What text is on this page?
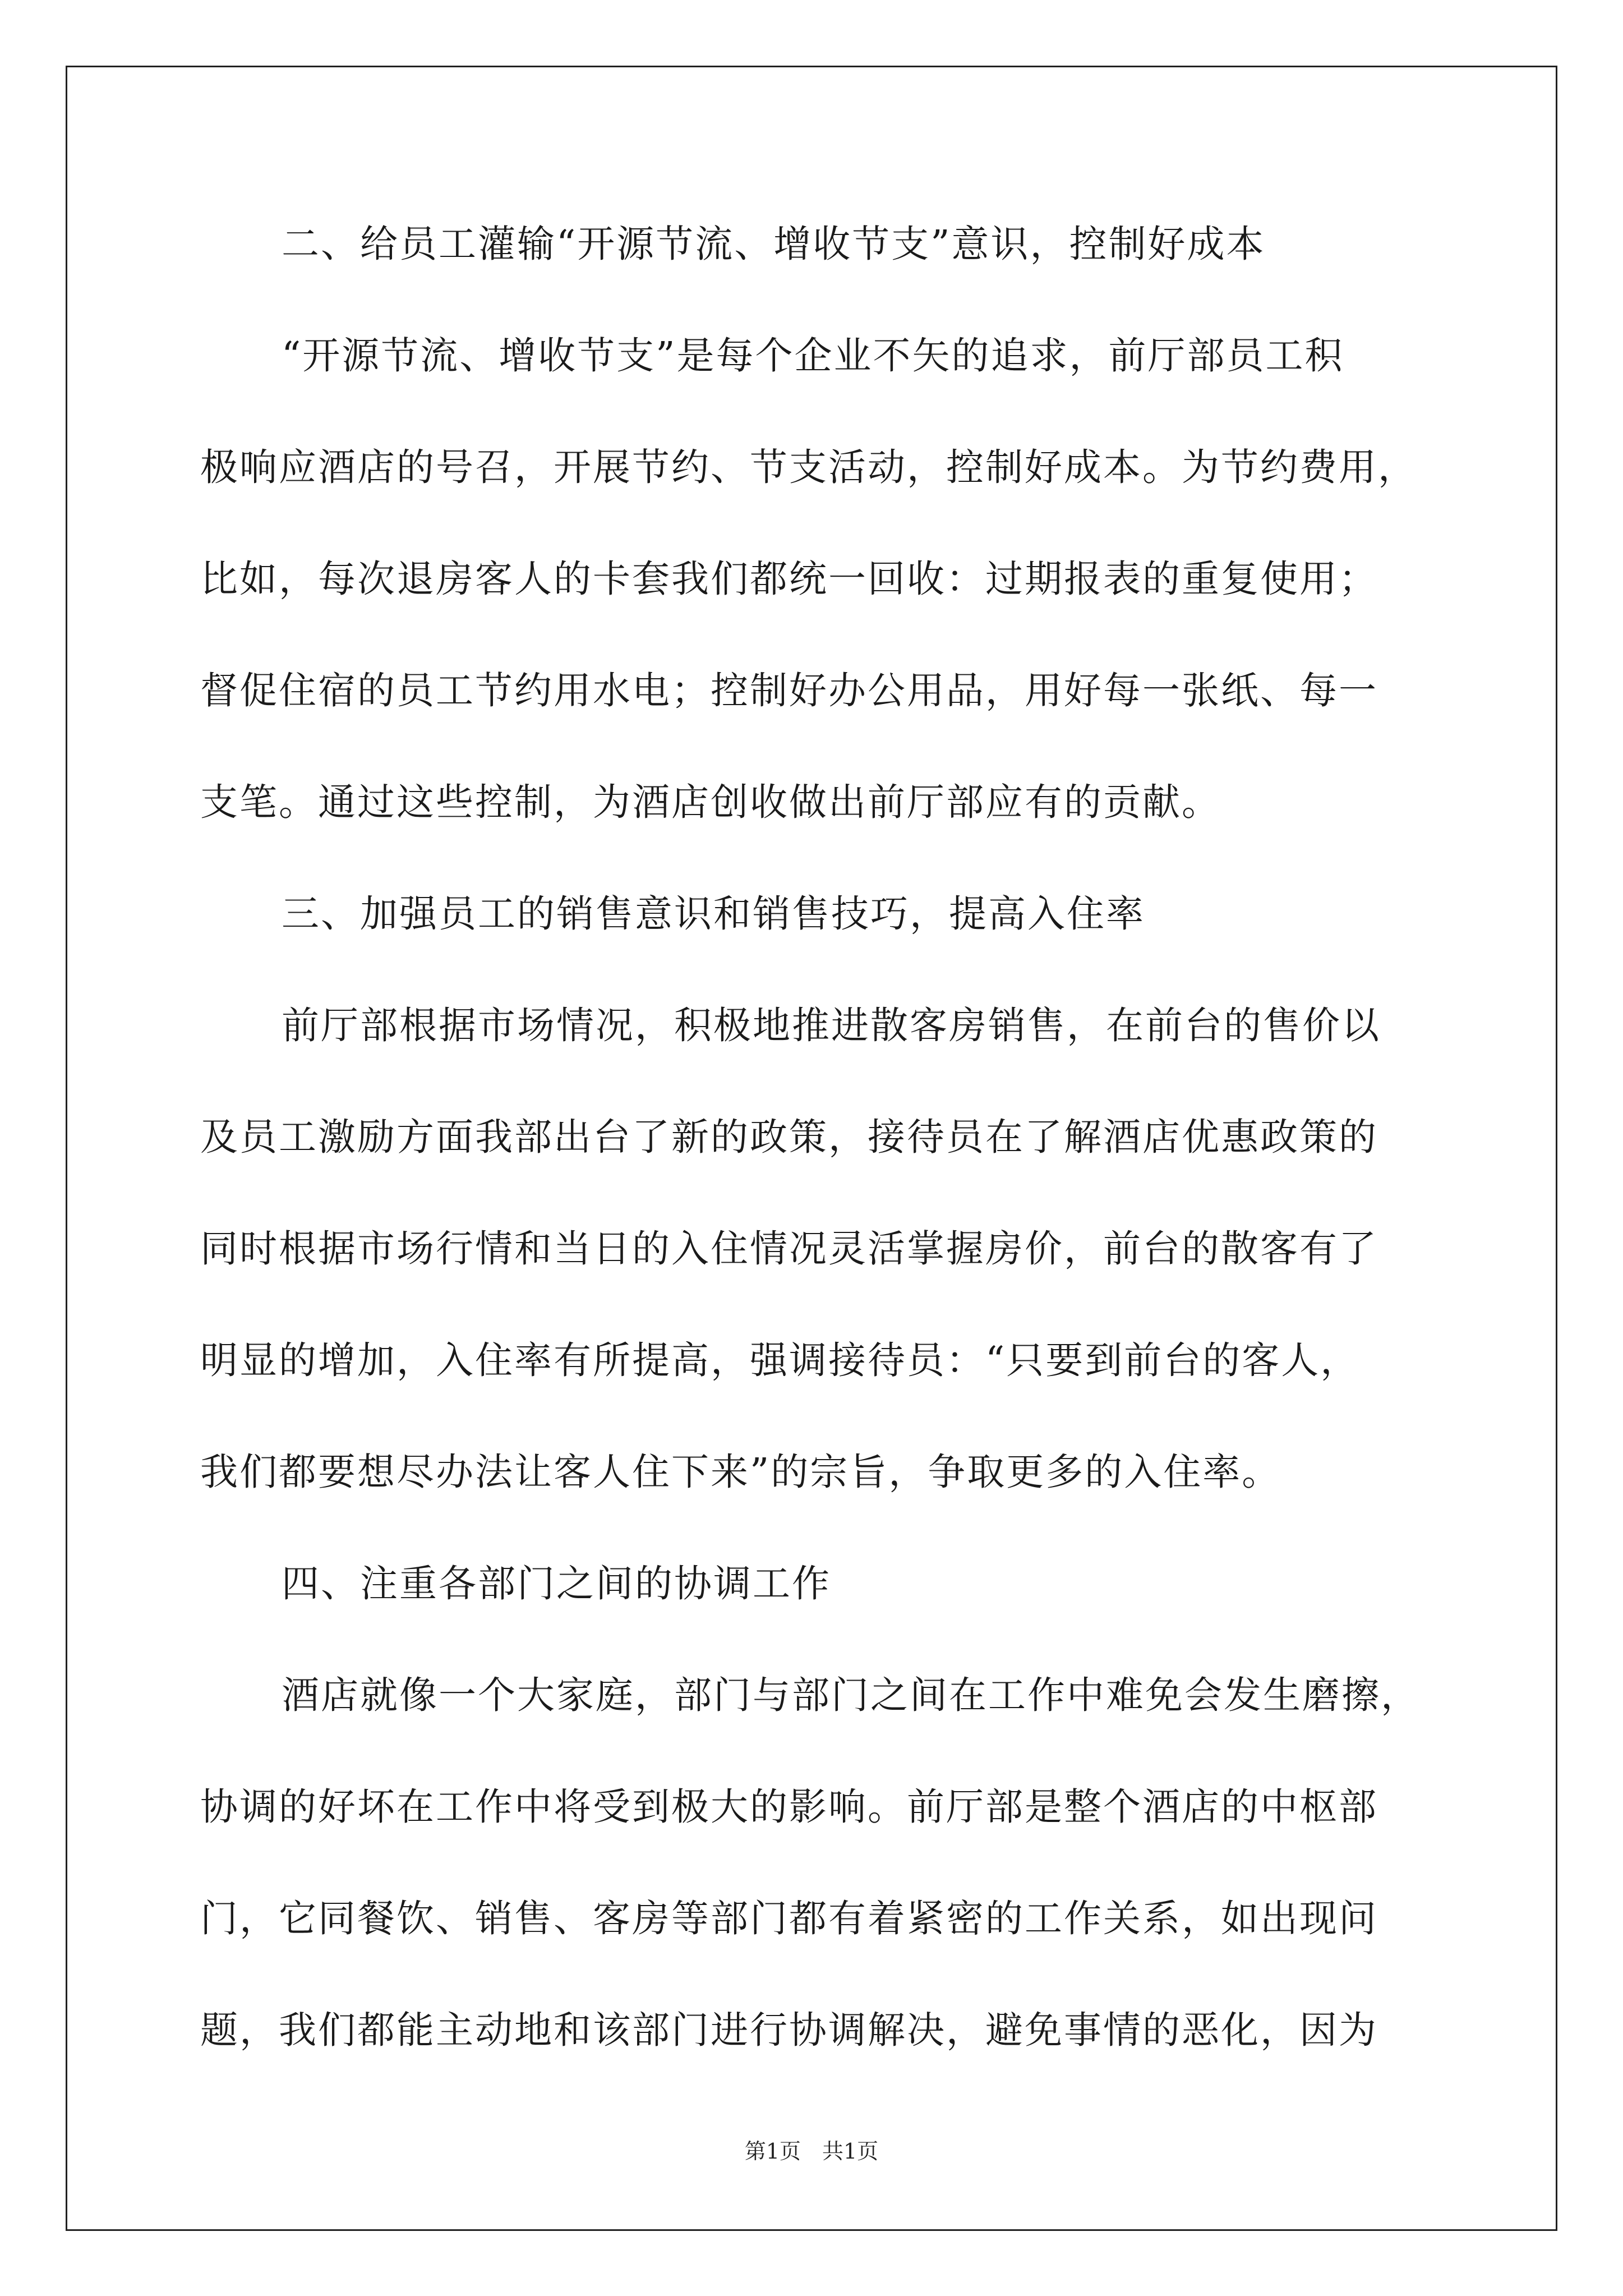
二、给员工灌输“开源节流、增收节支”意识，控制好成本
“开源节流、增收节支”是每个企业不矢的追求，前厅部员工积
极响应酒店的号召，开展节约、节支活动，控制好成本。为节约费用，
比如，每次退房客人的卡套我们都统一回收：过期报表的重复使用；
督促住宿的员工节约用水电；控制好办公用品，用好每一张纸、每一
支笔。通过这些控制，为酒店创收做出前厅部应有的贡献。
三、加强员工的销售意识和销售技巧，提高入住率
前厅部根据市场情况，积极地推进散客房销售，在前台的售价以
及员工激励方面我部出台了新的政策，接待员在了解酒店优惠政策的
同时根据市场行情和当日的入住情况灵活掌握房价，前台的散客有了
明显的增加，入住率有所提高，强调接待员：“只要到前台的客人，
我们都要想尽办法让客人住下来”的宗旨，争取更多的入住率。
四、注重各部门之间的协调工作
酒店就像一个大家庭，部门与部门之间在工作中难免会发生磨擦，
协调的好坏在工作中将受到极大的影响。前厅部是整个酒店的中枢部
门，它同餐饮、销售、客房等部门都有着紧密的工作关系，如出现问
题，我们都能主动地和该部门进行协调解决，避免事情的恶化，因为
第1页　共1页
